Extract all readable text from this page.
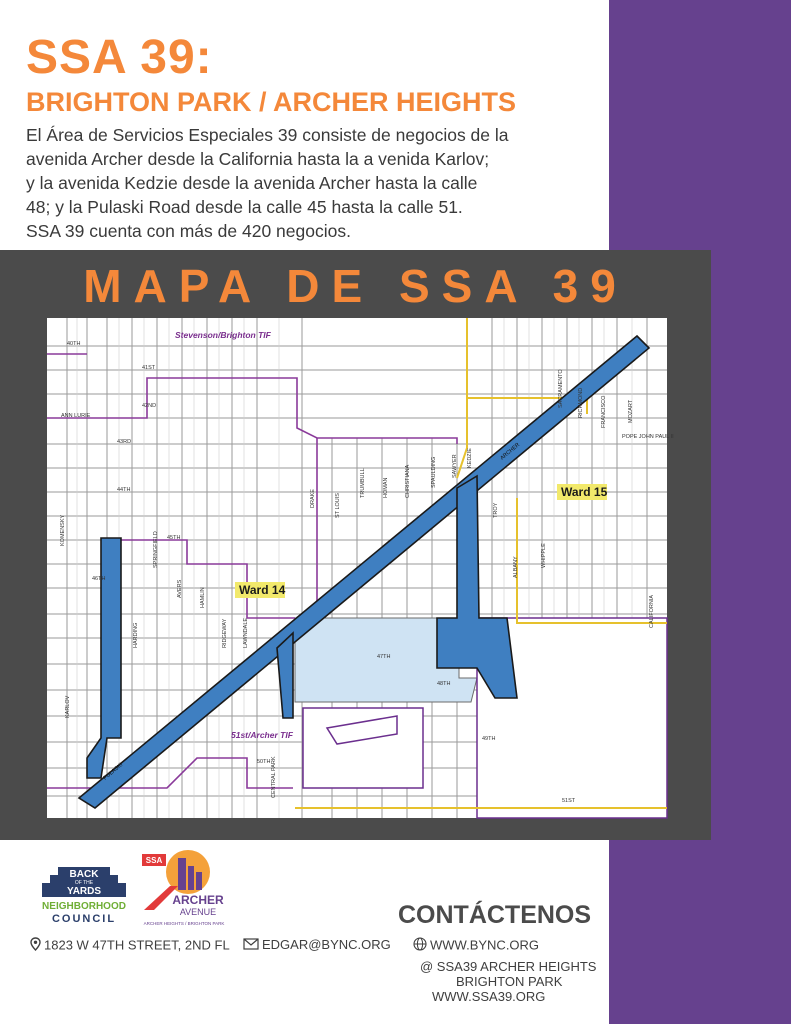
SSA 39:
BRIGHTON PARK / ARCHER HEIGHTS
El Área de Servicios Especiales 39 consiste de negocios de la
avenida Archer desde la California hasta la a venida Karlov;
y la avenida Kedzie desde la avenida Archer hasta la calle
48; y la Pulaski Road desde la calle 45 hasta la calle 51.
SSA 39 cuenta con más de 420 negocios.
MAPA DE SSA 39
Stevenson/Brighton TIF
51st/Archer TIF
Ward 14
Ward 15
40TH
41ST
42ND
43RD
44TH
45TH
46TH
47TH
48TH
49TH
50TH
51ST
ANN LURIE
POPE JOHN PAUL II
KOMENSKY
KARLOV
HARDING
SPRINGFIELD
AVERS	HAMLIN
RIDGEWAY	LAWNDALE
DRAKE
CENTRAL PARK
ST LOUIS
TRUMBULL	HOMAN	CHRISTIANA	SPAULDING	SAWYER KEDZIE
TROY
ALBANY	WHIPPLE
SACRAMENTO	RICHMOND	FRANCISCO	MOZART
CALIFORNIA
ARCHER
PULASKI
BACK
OF THE
YARDS
NEIGHBORHOOD
COUNCIL
SSA
ARCHER
AVENUE
ARCHER HEIGHTS / BRIGHTON PARK	CONTÁCTENOS
1823 W 47TH STREET, 2ND FL	EDGAR@BYNC.ORG	WWW.BYNC.ORG
@ SSA39 ARCHER HEIGHTS
BRIGHTON PARK
WWW.SSA39.ORG
